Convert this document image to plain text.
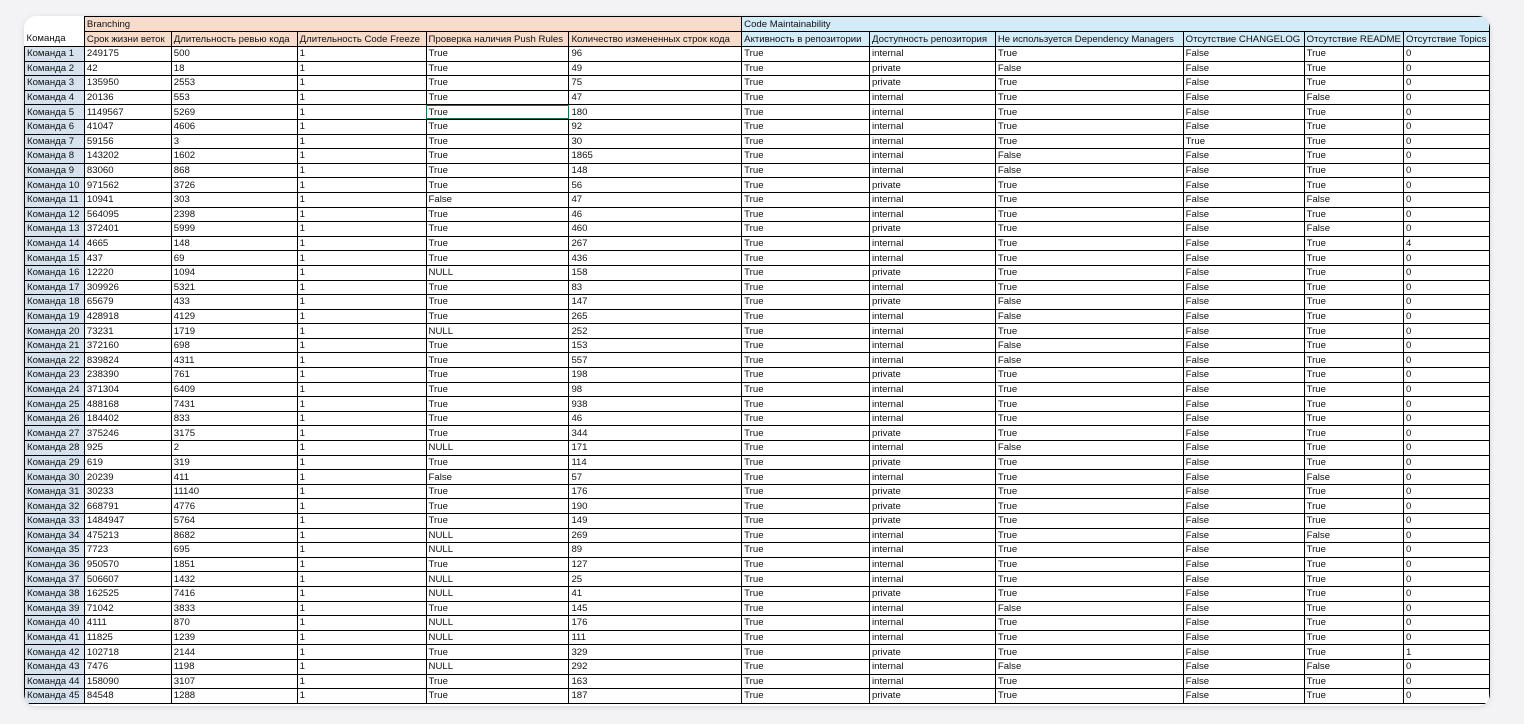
	Branching					Code Maintainability					
Команда	Срок жизни веток	Длительность ревью кода	Длительность Code Freeze	Проверка наличия Push Rules	Количество измененных строк кода	Активность в репозитории	Доступность репозитория	Не используется Dependency Managers	Отсутствие CHANGELOG	Отсутствие README	Отсутствие Topics
Команда 1	249175	500	1	True	96	True	internal	True	False	True	0
Команда 2	42	18	1	True	49	True	private	False	False	True	0
Команда 3	135950	2553	1	True	75	True	private	True	False	True	0
Команда 4	20136	553	1	True	47	True	internal	True	False	False	0
Команда 5	1149567	5269	1	True	180	True	internal	True	False	True	0
Команда 6	41047	4606	1	True	92	True	internal	True	False	True	0
Команда 7	59156	3	1	True	30	True	internal	True	True	True	0
Команда 8	143202	1602	1	True	1865	True	internal	False	False	True	0
Команда 9	83060	868	1	True	148	True	internal	False	False	True	0
Команда 10	971562	3726	1	True	56	True	private	True	False	True	0
Команда 11	10941	303	1	False	47	True	internal	True	False	False	0
Команда 12	564095	2398	1	True	46	True	internal	True	False	True	0
Команда 13	372401	5999	1	True	460	True	private	True	False	False	0
Команда 14	4665	148	1	True	267	True	internal	True	False	True	4
Команда 15	437	69	1	True	436	True	internal	True	False	True	0
Команда 16	12220	1094	1	NULL	158	True	private	True	False	True	0
Команда 17	309926	5321	1	True	83	True	internal	True	False	True	0
Команда 18	65679	433	1	True	147	True	private	False	False	True	0
Команда 19	428918	4129	1	True	265	True	internal	False	False	True	0
Команда 20	73231	1719	1	NULL	252	True	internal	True	False	True	0
Команда 21	372160	698	1	True	153	True	internal	False	False	True	0
Команда 22	839824	4311	1	True	557	True	internal	False	False	True	0
Команда 23	238390	761	1	True	198	True	private	True	False	True	0
Команда 24	371304	6409	1	True	98	True	internal	True	False	True	0
Команда 25	488168	7431	1	True	938	True	internal	True	False	True	0
Команда 26	184402	833	1	True	46	True	internal	True	False	True	0
Команда 27	375246	3175	1	True	344	True	private	True	False	True	0
Команда 28	925	2	1	NULL	171	True	internal	False	False	True	0
Команда 29	619	319	1	True	114	True	private	True	False	True	0
Команда 30	20239	411	1	False	57	True	internal	True	False	False	0
Команда 31	30233	11140	1	True	176	True	private	True	False	True	0
Команда 32	668791	4776	1	True	190	True	private	True	False	True	0
Команда 33	1484947	5764	1	True	149	True	private	True	False	True	0
Команда 34	475213	8682	1	NULL	269	True	internal	True	False	False	0
Команда 35	7723	695	1	NULL	89	True	internal	True	False	True	0
Команда 36	950570	1851	1	True	127	True	internal	True	False	True	0
Команда 37	506607	1432	1	NULL	25	True	internal	True	False	True	0
Команда 38	162525	7416	1	NULL	41	True	private	True	False	True	0
Команда 39	71042	3833	1	True	145	True	internal	False	False	True	0
Команда 40	4111	870	1	NULL	176	True	internal	True	False	True	0
Команда 41	11825	1239	1	NULL	111	True	internal	True	False	True	0
Команда 42	102718	2144	1	True	329	True	private	True	False	True	1
Команда 43	7476	1198	1	NULL	292	True	internal	False	False	False	0
Команда 44	158090	3107	1	True	163	True	internal	True	False	True	0
Команда 45	84548	1288	1	True	187	True	private	True	False	True	0
